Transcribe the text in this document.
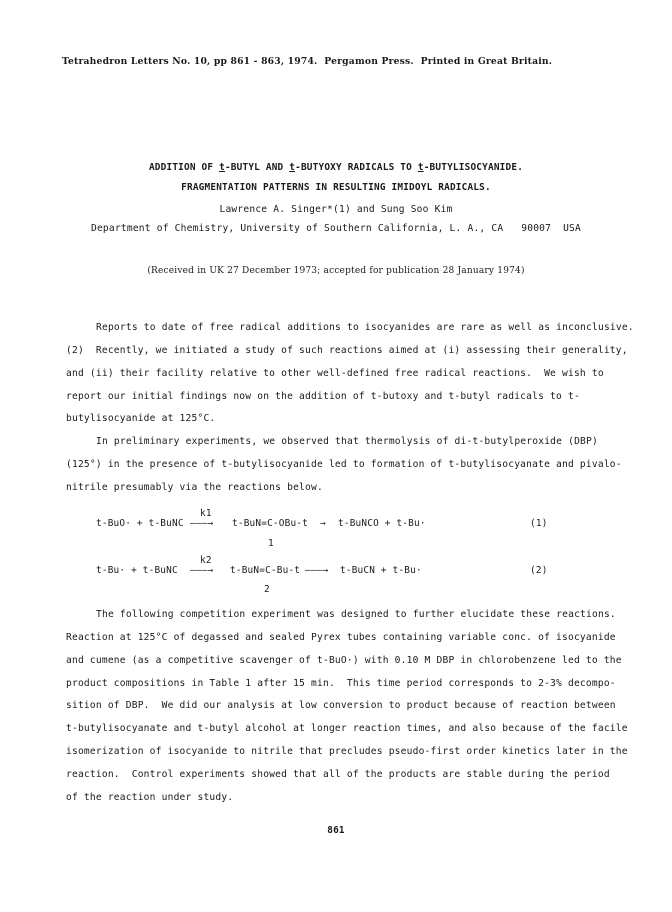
Tetrahedron Letters No. 10, pp 861 - 863, 1974.  Pergamon Press.  Printed in Great Britain.
ADDITION OF t-BUTYL AND t-BUTYOXY RADICALS TO t-BUTYLISOCYANIDE.
FRAGMENTATION PATTERNS IN RESULTING IMIDOYL RADICALS.
Lawrence A. Singer*(1) and Sung Soo Kim
Department of Chemistry, University of Southern California, L. A., CA   90007  USA
(Received in UK 27 December 1973; accepted for publication 28 January 1974)
Reports to date of free radical additions to isocyanides are rare as well as inconclusive.
(2)  Recently, we initiated a study of such reactions aimed at (i) assessing their generality,
and (ii) their facility relative to other well-defined free radical reactions.  We wish to
report our initial findings now on the addition of t-butoxy and t-butyl radicals to t-
butylisocyanide at 125°C.
In preliminary experiments, we observed that thermolysis of di-t-butylperoxide (DBP)
(125°) in the presence of t-butylisocyanide led to formation of t-butylisocyanate and pivalo-
nitrile presumably via the reactions below.
t-BuO· + t-BuNC
k1
———→ t-BuN=C-OBu-t → t-BuNCO + t-Bu·	(1)
1
t-Bu· + t-BuNC
k2
———→ t-BuN=C-Bu-t ———→ t-BuCN + t-Bu·	(2)
2
The following competition experiment was designed to further elucidate these reactions.
Reaction at 125°C of degassed and sealed Pyrex tubes containing variable conc. of isocyanide
and cumene (as a competitive scavenger of t-BuO·) with 0.10 M DBP in chlorobenzene led to the
product compositions in Table 1 after 15 min.  This time period corresponds to 2-3% decompo-
sition of DBP.  We did our analysis at low conversion to product because of reaction between
t-butylisocyanate and t-butyl alcohol at longer reaction times, and also because of the facile
isomerization of isocyanide to nitrile that precludes pseudo-first order kinetics later in the
reaction.  Control experiments showed that all of the products are stable during the period
of the reaction under study.
861
